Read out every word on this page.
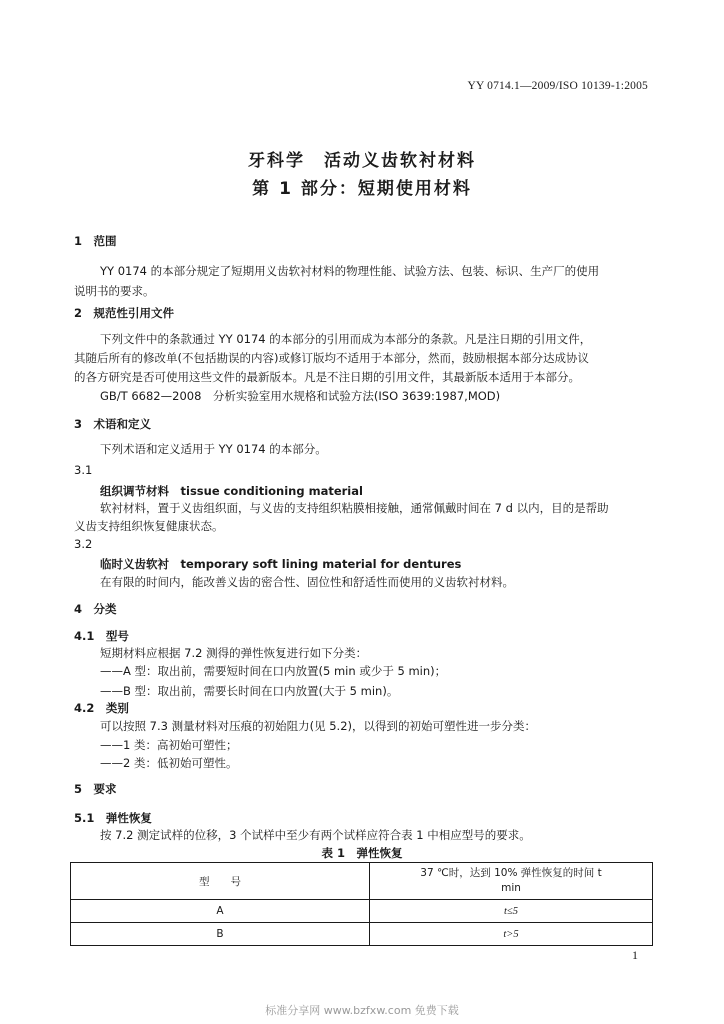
YY 0714.1—2009/ISO 10139-1:2005
牙科学　活动义齿软衬材料
第 1 部分：短期使用材料
1　范围
YY 0174 的本部分规定了短期用义齿软衬材料的物理性能、试验方法、包装、标识、生产厂的使用
说明书的要求。
2　规范性引用文件
下列文件中的条款通过 YY 0174 的本部分的引用而成为本部分的条款。凡是注日期的引用文件，
其随后所有的修改单(不包括勘误的内容)或修订版均不适用于本部分，然而，鼓励根据本部分达成协议
的各方研究是否可使用这些文件的最新版本。凡是不注日期的引用文件，其最新版本适用于本部分。
GB/T 6682—2008　分析实验室用水规格和试验方法(ISO 3639:1987,MOD)
3　术语和定义
下列术语和定义适用于 YY 0174 的本部分。
3.1
组织调节材料　tissue conditioning material
软衬材料，置于义齿组织面，与义齿的支持组织粘膜相接触，通常佩戴时间在 7 d 以内，目的是帮助
义齿支持组织恢复健康状态。
3.2
临时义齿软衬　temporary soft lining material for dentures
在有限的时间内，能改善义齿的密合性、固位性和舒适性而使用的义齿软衬材料。
4　分类
4.1　型号
短期材料应根据 7.2 测得的弹性恢复进行如下分类：
——A 型：取出前，需要短时间在口内放置(5 min 或少于 5 min)；
——B 型：取出前，需要长时间在口内放置(大于 5 min)。
4.2　类别
可以按照 7.3 测量材料对压痕的初始阻力(见 5.2)，以得到的初始可塑性进一步分类：
——1 类：高初始可塑性；
——2 类：低初始可塑性。
5　要求
5.1　弹性恢复
按 7.2 测定试样的位移，3 个试样中至少有两个试样应符合表 1 中相应型号的要求。
表 1　弹性恢复
型　　号	37 ℃时，达到 10% 弹性恢复的时间 t
min

A	t≤5
B	t>5
1
标准分享网 www.bzfxw.com 免费下载
